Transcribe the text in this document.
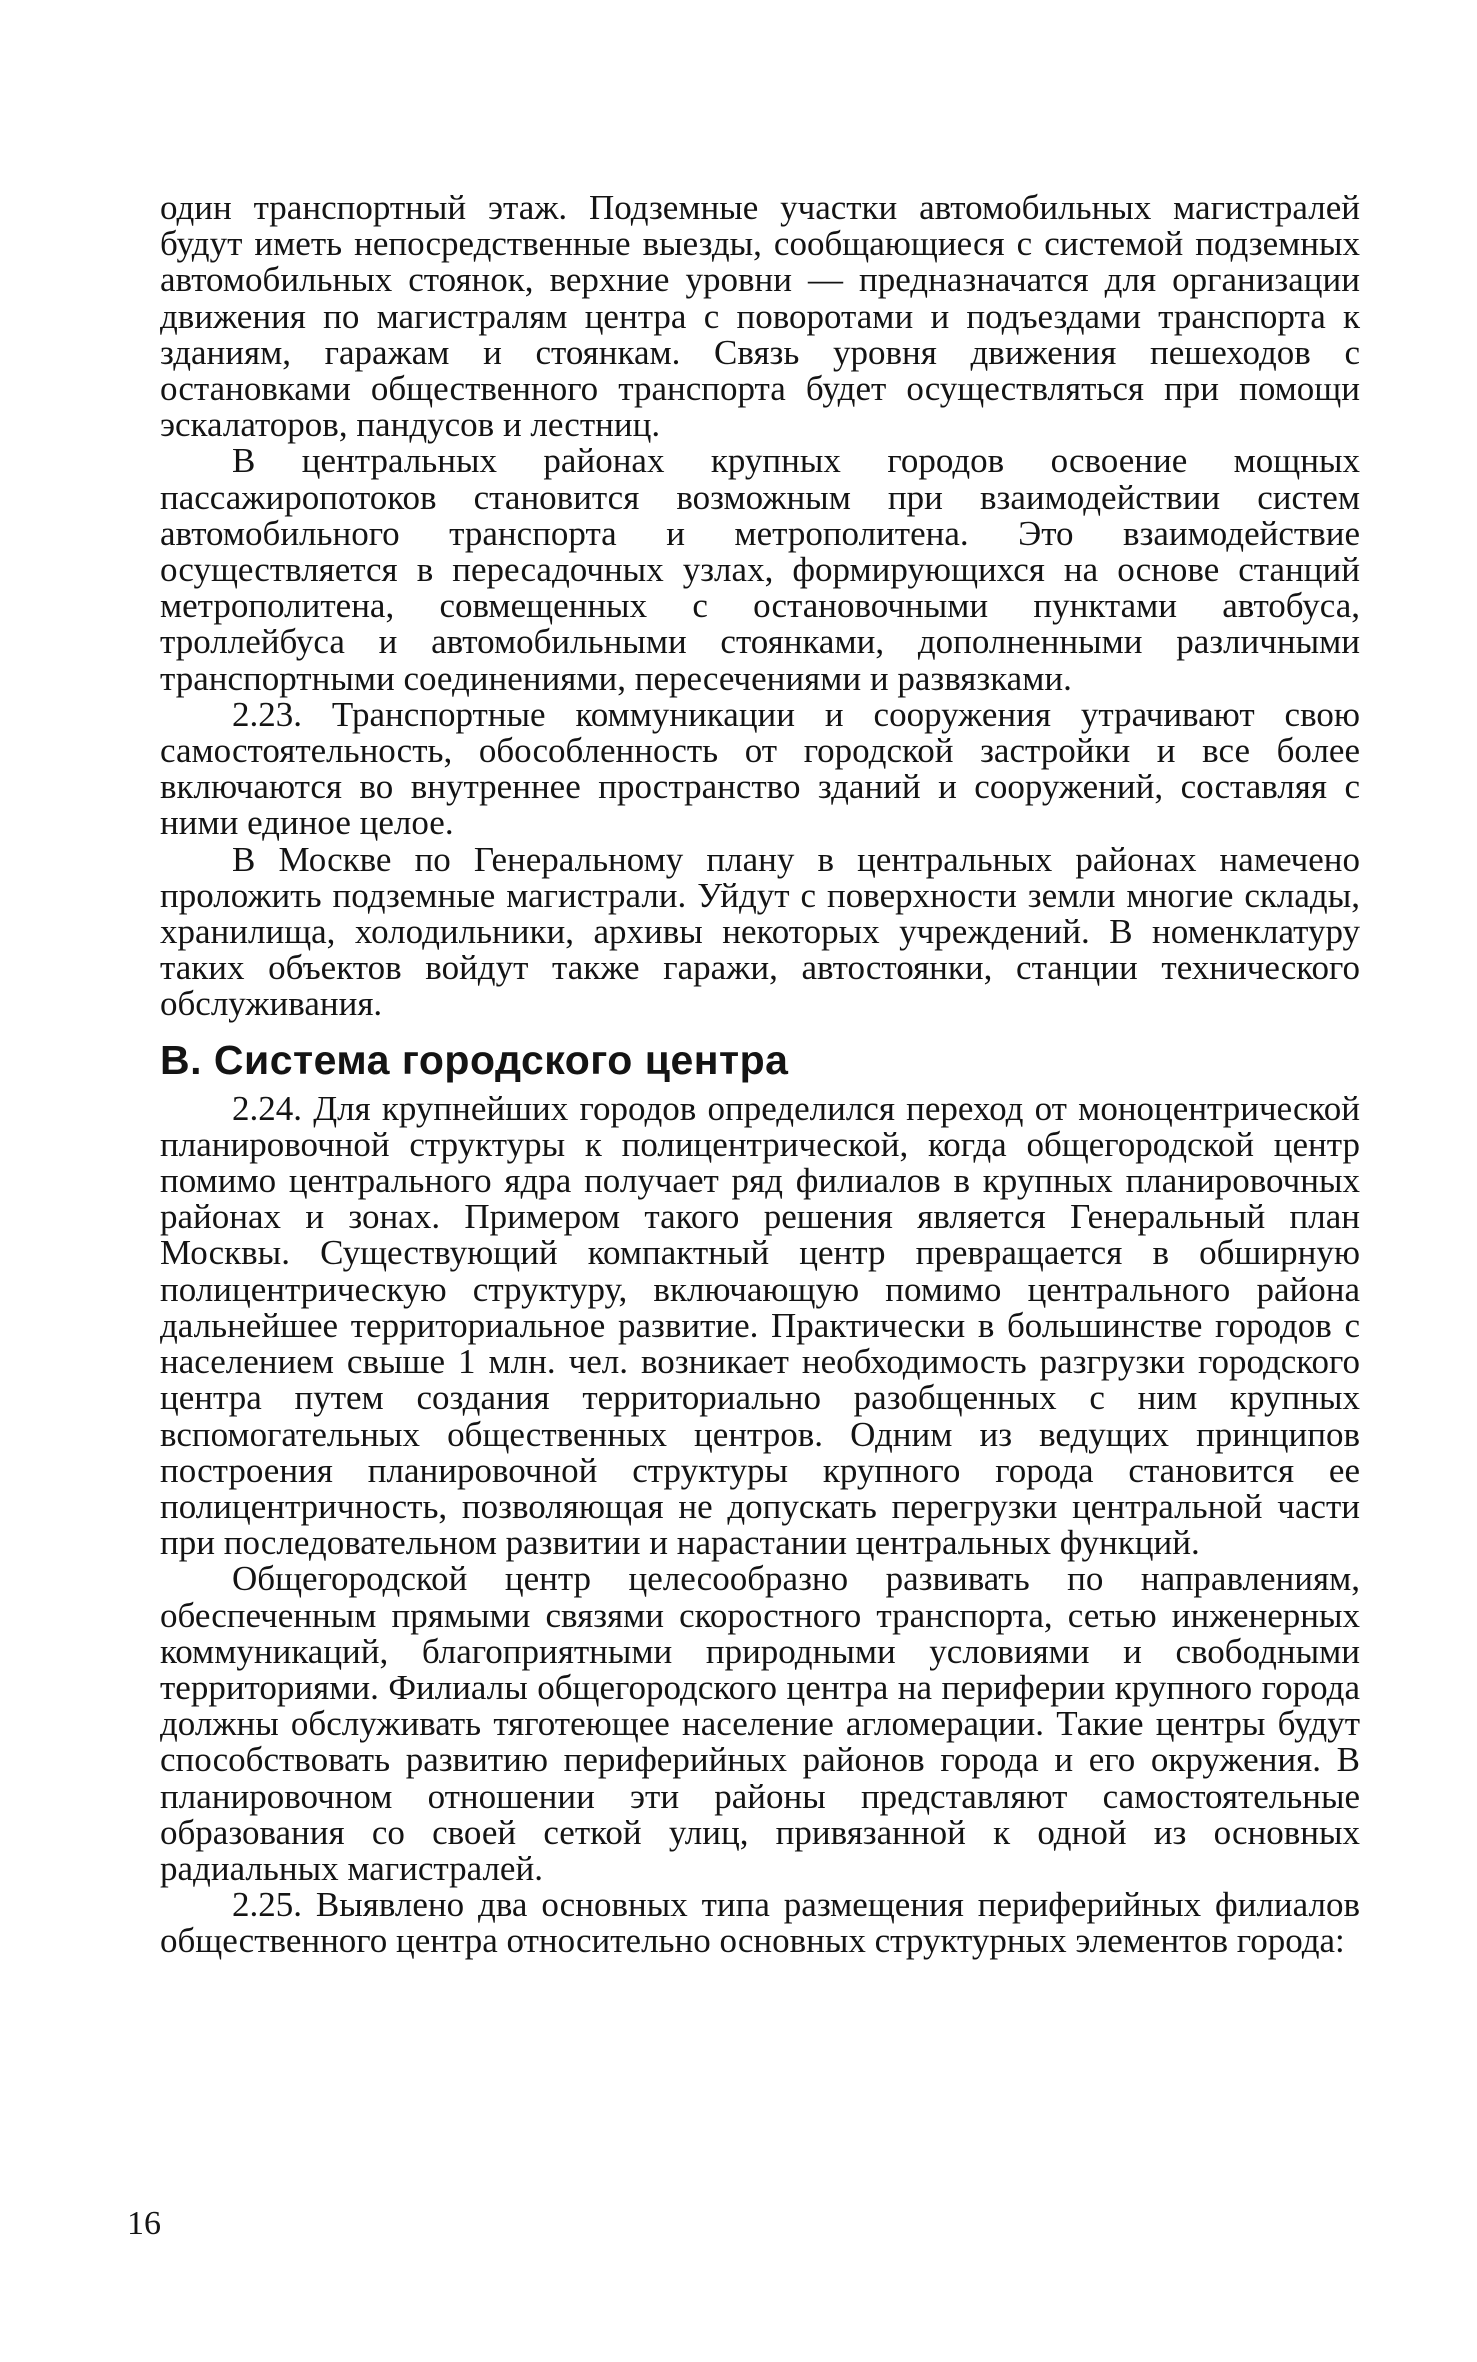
один транспортный этаж. Подземные участки автомобильных магистралей будут иметь непосредственные выезды, сообщающиеся с системой подземных автомобильных стоянок, верхние уровни — предназначатся для организации движения по магистралям центра с поворотами и подъездами транспорта к зданиям, гаражам и стоянкам. Связь уровня движения пешеходов с остановками общественного транспорта будет осуществляться при помощи эскалаторов, пандусов и лестниц.

В центральных районах крупных городов освоение мощных пассажиропотоков становится возможным при взаимодействии систем автомобильного транспорта и метрополитена. Это взаимодействие осуществляется в пересадочных узлах, формирующихся на основе станций метрополитена, совмещенных с остановочными пунктами автобуса, троллейбуса и автомобильными стоянками, дополненными различными транспортными соединениями, пересечениями и развязками.

2.23. Транспортные коммуникации и сооружения утрачивают свою самостоятельность, обособленность от городской застройки и все более включаются во внутреннее пространство зданий и сооружений, составляя с ними единое целое.

В Москве по Генеральному плану в центральных районах намечено проложить подземные магистрали. Уйдут с поверхности земли многие склады, хранилища, холодильники, архивы некоторых учреждений. В номенклатуру таких объектов войдут также гаражи, автостоянки, станции технического обслуживания.

В. Система городского центра

2.24. Для крупнейших городов определился переход от моноцентрической планировочной структуры к полицентрической, когда общегородской центр помимо центрального ядра получает ряд филиалов в крупных планировочных районах и зонах. Примером такого решения является Генеральный план Москвы. Существующий компактный центр превращается в обширную полицентрическую структуру, включающую помимо центрального района дальнейшее территориальное развитие. Практически в большинстве городов с населением свыше 1 млн. чел. возникает необходимость разгрузки городского центра путем создания территориально разобщенных с ним крупных вспомогательных общественных центров. Одним из ведущих принципов построения планировочной структуры крупного города становится ее полицентричность, позволяющая не допускать перегрузки центральной части при последовательном развитии и нарастании центральных функций.

Общегородской центр целесообразно развивать по направлениям, обеспеченным прямыми связями скоростного транспорта, сетью инженерных коммуникаций, благоприятными природными условиями и свободными территориями. Филиалы общегородского центра на периферии крупного города должны обслуживать тяготеющее население агломерации. Такие центры будут способствовать развитию периферийных районов города и его окружения. В планировочном отношении эти районы представляют самостоятельные образования со своей сеткой улиц, привязанной к одной из основных радиальных магистралей.

2.25. Выявлено два основных типа размещения периферийных филиалов общественного центра относительно основных структурных элементов города:

16
